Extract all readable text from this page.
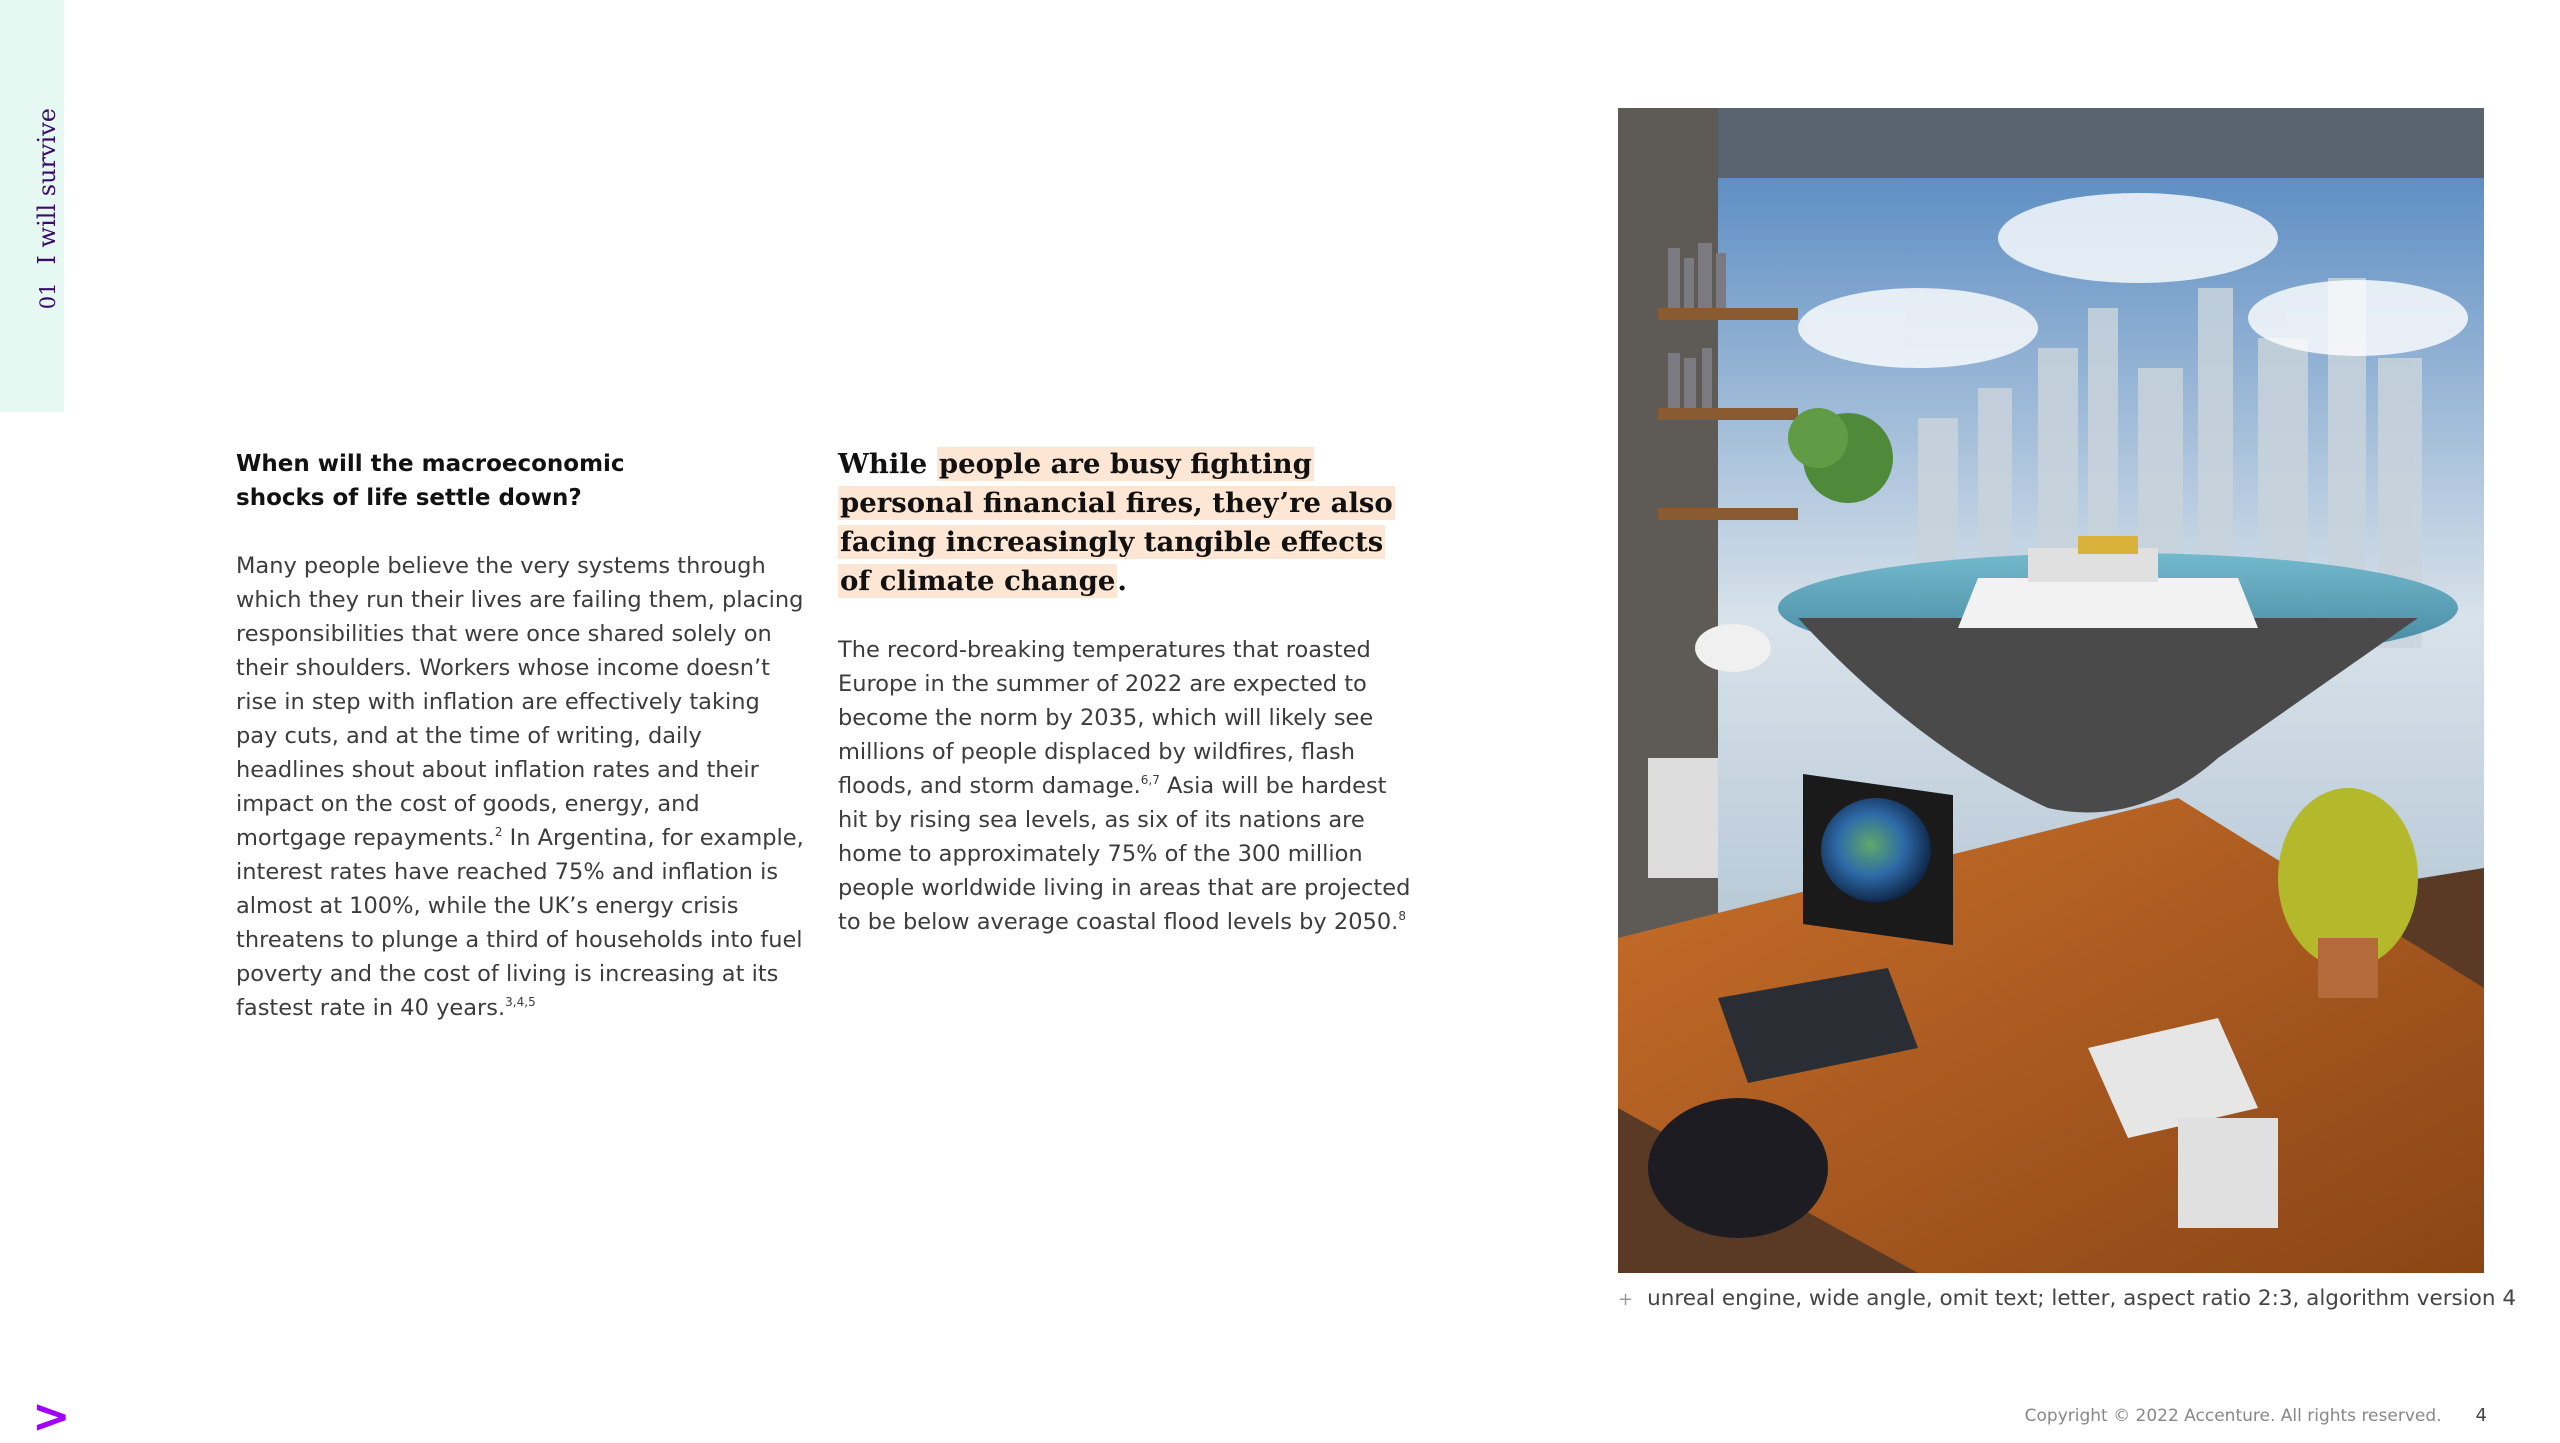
01I will survive
When will the macroeconomic
shocks of life settle down?

Many people believe the very systems through which they run their lives are failing them, placing responsibilities that were once shared solely on their shoulders. Workers whose income doesn’t rise in step with inflation are effectively taking pay cuts, and at the time of writing, daily headlines shout about inflation rates and their impact on the cost of goods, energy, and mortgage repayments.$^2$ In Argentina, for example, interest rates have reached 75% and inflation is almost at 100%, while the UK’s energy crisis threatens to plunge a third of households into fuel poverty and the cost of living is increasing at its fastest rate in 40 years.$^{3,4,5}$

While people are busy fighting personal financial fires, they’re also facing increasingly tangible effects of climate change.

The record-breaking temperatures that roasted Europe in the summer of 2022 are expected to become the norm by 2035, which will likely see millions of people displaced by wildfires, flash floods, and storm damage.$^{6,7}$ Asia will be hardest hit by rising sea levels, as six of its nations are home to approximately 75% of the 300 million people worldwide living in areas that are projected to be below average coastal flood levels by 2050.$^8$

+ unreal engine, wide angle, omit text; letter, aspect ratio 2:3, algorithm version 4
>	Copyright © 2022 Accenture. All rights reserved. 4
